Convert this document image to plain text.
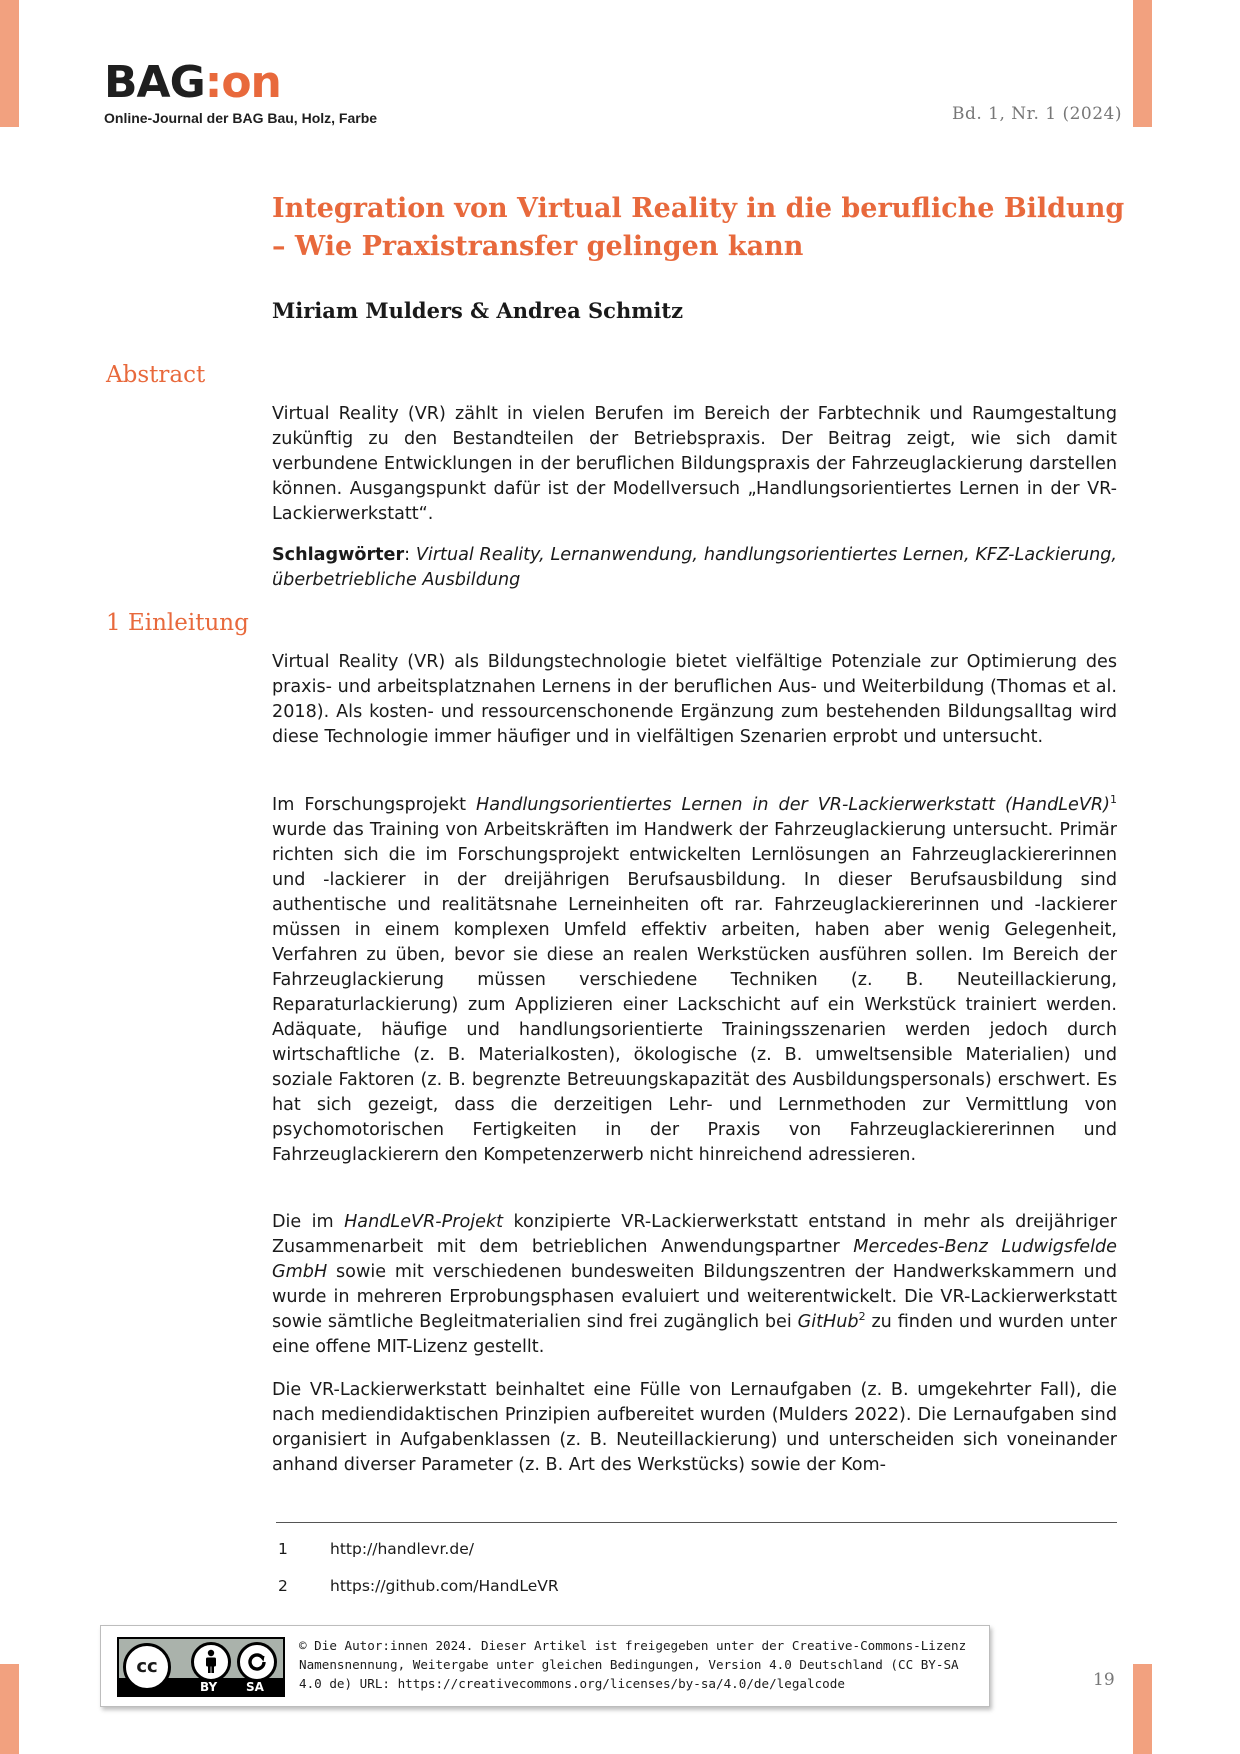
BAG:on
Online-Journal der BAG Bau, Holz, Farbe	Bd. 1, Nr. 1 (2024)
Integration von Virtual Reality in die berufliche Bildung – Wie Praxistransfer gelingen kann

Miriam Mulders & Andrea Schmitz

Abstract

Virtual Reality (VR) zählt in vielen Berufen im Bereich der Farbtechnik und Raumgestaltung zukünftig zu den Bestandteilen der Betriebspraxis. Der Beitrag zeigt, wie sich damit verbundene Entwicklungen in der beruflichen Bildungspraxis der Fahrzeuglackierung darstellen können. Ausgangspunkt dafür ist der Modellversuch „Handlungsorientiertes Lernen in der VR-Lackierwerkstatt“.

Schlagwörter: Virtual Reality, Lernanwendung, handlungsorientiertes Lernen, KFZ-Lackierung, überbetriebliche Ausbildung

1 Einleitung

Virtual Reality (VR) als Bildungstechnologie bietet vielfältige Potenziale zur Optimierung des praxis- und arbeitsplatznahen Lernens in der beruflichen Aus- und Weiterbildung (Thomas et al. 2018). Als kosten- und ressourcenschonende Ergänzung zum bestehenden Bildungsalltag wird diese Technologie immer häufiger und in vielfältigen Szenarien erprobt und untersucht.

Im Forschungsprojekt Handlungsorientiertes Lernen in der VR-Lackierwerkstatt (HandLeVR)$^1$ wurde das Training von Arbeitskräften im Handwerk der Fahrzeuglackierung untersucht. Primär richten sich die im Forschungsprojekt entwickelten Lernlösungen an Fahrzeuglackiererinnen und -lackierer in der dreijährigen Berufsausbildung. In dieser Berufsausbildung sind authentische und realitätsnahe Lerneinheiten oft rar. Fahrzeuglackiererinnen und -lackierer müssen in einem komplexen Umfeld effektiv arbeiten, haben aber wenig Gelegenheit, Verfahren zu üben, bevor sie diese an realen Werkstücken ausführen sollen. Im Bereich der Fahrzeuglackierung müssen verschiedene Techniken (z. B. Neuteillackierung, Reparaturlackierung) zum Applizieren einer Lackschicht auf ein Werkstück trainiert werden. Adäquate, häufige und handlungsorientierte Trainingsszenarien werden jedoch durch wirtschaftliche (z. B. Materialkosten), ökologische (z. B. umweltsensible Materialien) und soziale Faktoren (z. B. begrenzte Betreuungskapazität des Ausbildungspersonals) erschwert. Es hat sich gezeigt, dass die derzeitigen Lehr- und Lernmethoden zur Vermittlung von psychomotorischen Fertigkeiten in der Praxis von Fahrzeuglackiererinnen und Fahrzeuglackierern den Kompetenzerwerb nicht hinreichend adressieren.

Die im HandLeVR-Projekt konzipierte VR-Lackierwerkstatt entstand in mehr als dreijähriger Zusammenarbeit mit dem betrieblichen Anwendungspartner Mercedes-Benz Ludwigsfelde GmbH sowie mit verschiedenen bundesweiten Bildungszentren der Handwerkskammern und wurde in mehreren Erprobungsphasen evaluiert und weiterentwickelt. Die VR-Lackierwerkstatt sowie sämtliche Begleitmaterialien sind frei zugänglich bei GitHub$^2$ zu finden und wurden unter eine offene MIT-Lizenz gestellt.

Die VR-Lackierwerkstatt beinhaltet eine Fülle von Lernaufgaben (z. B. umgekehrter Fall), die nach mediendidaktischen Prinzipien aufbereitet wurden (Mulders 2022). Die Lernaufgaben sind organisiert in Aufgabenklassen (z. B. Neuteillackierung) und unterscheiden sich voneinander anhand diverser Parameter (z. B. Art des Werkstücks) sowie der Kom-

1	http://handlevr.de/
2	https://github.com/HandLeVR
cc
BY SA
© Die Autor:innen 2024. Dieser Artikel ist freigegeben unter der Creative-Commons-Lizenz Namensnennung, Weitergabe unter gleichen Bedingungen, Version 4.0 Deutschland (CC BY-SA 4.0 de) URL: https://creativecommons.org/licenses/by-sa/4.0/de/legalcode	19
